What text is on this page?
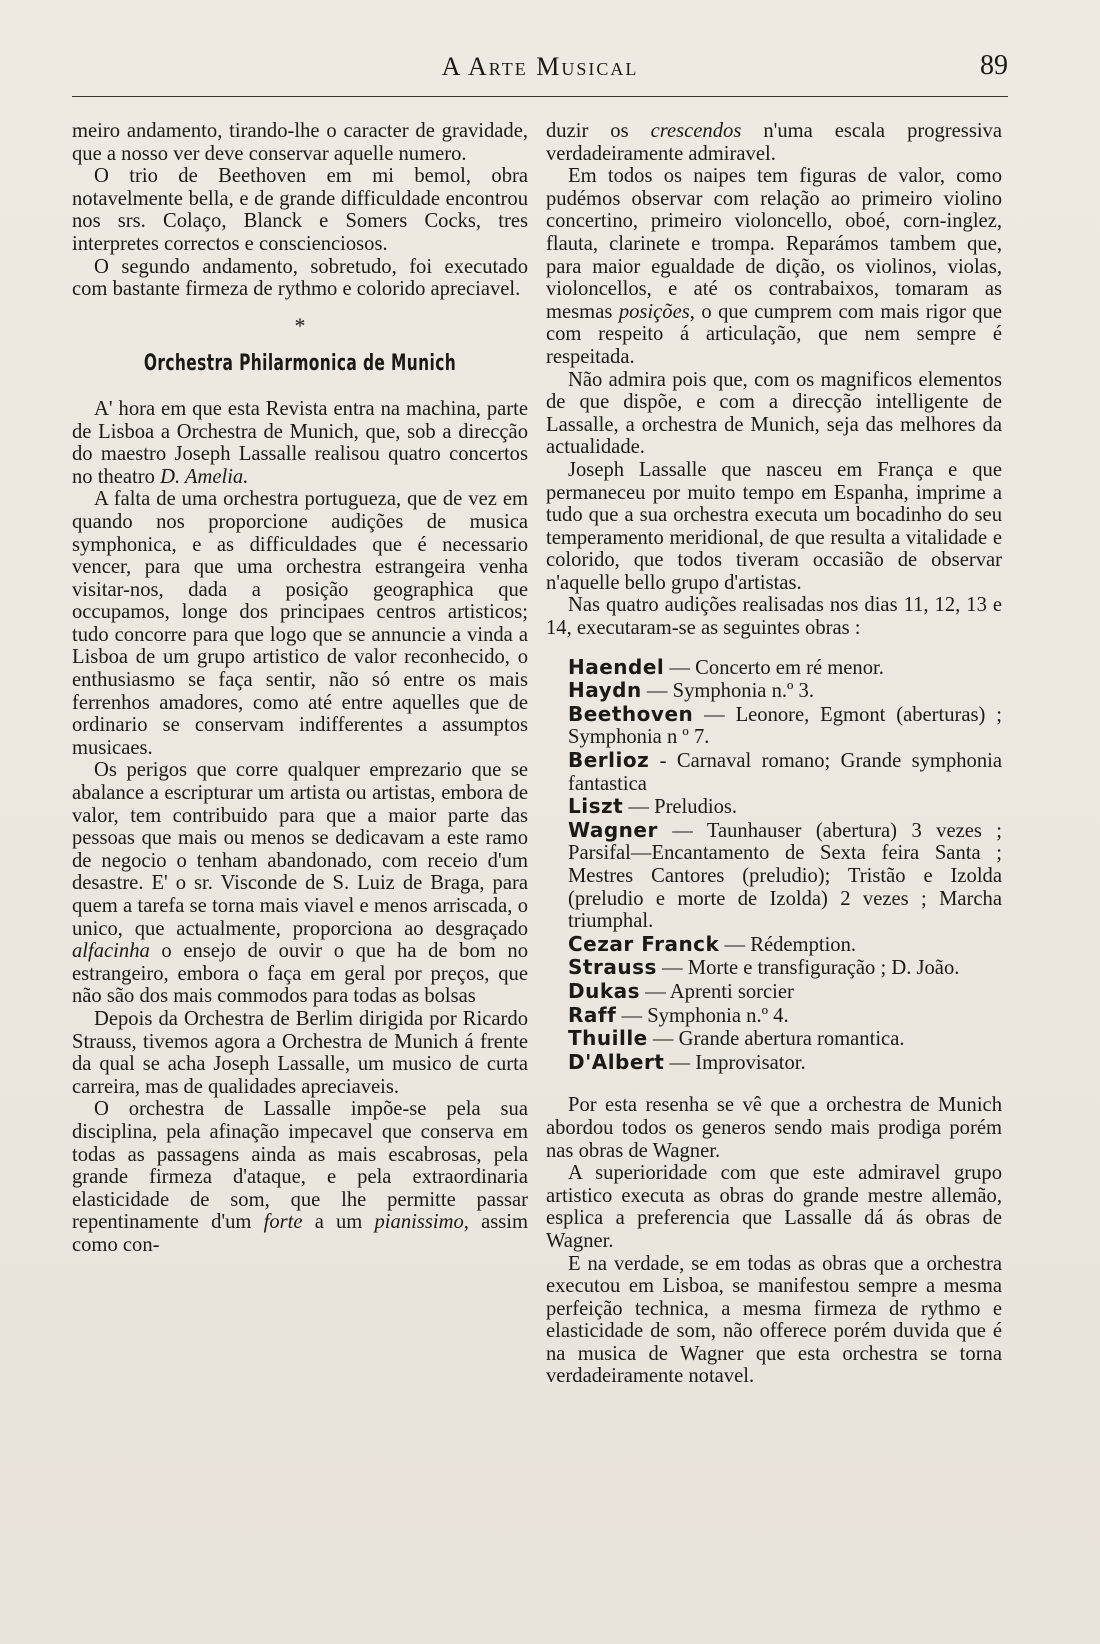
A Arte Musical	89

meiro andamento, tirando-lhe o caracter de gravidade, que a nosso ver deve conservar aquelle numero.

O trio de Beethoven em mi bemol, obra notavelmente bella, e de grande difficuldade encontrou nos srs. Colaço, Blanck e Somers Cocks, tres interpretes correctos e conscienciosos.

O segundo andamento, sobretudo, foi executado com bastante firmeza de rythmo e colorido apreciavel.

*
Orchestra Philarmonica de Munich

A' hora em que esta Revista entra na machina, parte de Lisboa a Orchestra de Munich, que, sob a direcção do maestro Joseph Lassalle realisou quatro concertos no theatro D. Amelia.

A falta de uma orchestra portugueza, que de vez em quando nos proporcione audições de musica symphonica, e as difficuldades que é necessario vencer, para que uma orchestra estrangeira venha visitar-nos, dada a posição geographica que occupamos, longe dos principaes centros artisticos; tudo concorre para que logo que se annuncie a vinda a Lisboa de um grupo artistico de valor reconhecido, o enthusiasmo se faça sentir, não só entre os mais ferrenhos amadores, como até entre aquelles que de ordinario se conservam indifferentes a assumptos musicaes.

Os perigos que corre qualquer emprezario que se abalance a escripturar um artista ou artistas, embora de valor, tem contribuido para que a maior parte das pessoas que mais ou menos se dedicavam a este ramo de negocio o tenham abandonado, com receio d'um desastre. E' o sr. Visconde de S. Luiz de Braga, para quem a tarefa se torna mais viavel e menos arriscada, o unico, que actualmente, proporciona ao desgraçado alfacinha o ensejo de ouvir o que ha de bom no estrangeiro, embora o faça em geral por preços, que não são dos mais commodos para todas as bolsas

Depois da Orchestra de Berlim dirigida por Ricardo Strauss, tivemos agora a Orchestra de Munich á frente da qual se acha Joseph Lassalle, um musico de curta carreira, mas de qualidades apreciaveis.

O orchestra de Lassalle impõe-se pela sua disciplina, pela afinação impecavel que conserva em todas as passagens ainda as mais escabrosas, pela grande firmeza d'ataque, e pela extraordinaria elasticidade de som, que lhe permitte passar repentinamente d'um forte a um pianissimo, assim como con-

duzir os crescendos n'uma escala progressiva verdadeiramente admiravel.

Em todos os naipes tem figuras de valor, como pudémos observar com relação ao primeiro violino concertino, primeiro violoncello, oboé, corn-inglez, flauta, clarinete e trompa. Reparámos tambem que, para maior egualdade de dição, os violinos, violas, violoncellos, e até os contrabaixos, tomaram as mesmas posições, o que cumprem com mais rigor que com respeito á articulação, que nem sempre é respeitada.

Não admira pois que, com os magnificos elementos de que dispõe, e com a direcção intelligente de Lassalle, a orchestra de Munich, seja das melhores da actualidade.

Joseph Lassalle que nasceu em França e que permaneceu por muito tempo em Espanha, imprime a tudo que a sua orchestra executa um bocadinho do seu temperamento meridional, de que resulta a vitalidade e colorido, que todos tiveram occasião de observar n'aquelle bello grupo d'artistas.

Nas quatro audições realisadas nos dias 11, 12, 13 e 14, executaram-se as seguintes obras :

Haendel — Concerto em ré menor.

Haydn — Symphonia n.º 3.

Beethoven — Leonore, Egmont (aberturas) ; Symphonia n º 7.

Berlioz - Carnaval romano; Grande symphonia fantastica

Liszt — Preludios.

Wagner — Taunhauser (abertura) 3 vezes ; Parsifal—Encantamento de Sexta feira Santa ; Mestres Cantores (preludio); Tristão e Izolda (preludio e morte de Izolda) 2 vezes ; Marcha triumphal.

Cezar Franck — Rédemption.

Strauss — Morte e transfiguração ; D. João.

Dukas — Aprenti sorcier

Raff — Symphonia n.º 4.

Thuille — Grande abertura romantica.

D'Albert — Improvisator.

Por esta resenha se vê que a orchestra de Munich abordou todos os generos sendo mais prodiga porém nas obras de Wagner.

A superioridade com que este admiravel grupo artistico executa as obras do grande mestre allemão, esplica a preferencia que Lassalle dá ás obras de Wagner.

E na verdade, se em todas as obras que a orchestra executou em Lisboa, se manifestou sempre a mesma perfeição technica, a mesma firmeza de rythmo e elasticidade de som, não offerece porém duvida que é na musica de Wagner que esta orchestra se torna verdadeiramente notavel.
